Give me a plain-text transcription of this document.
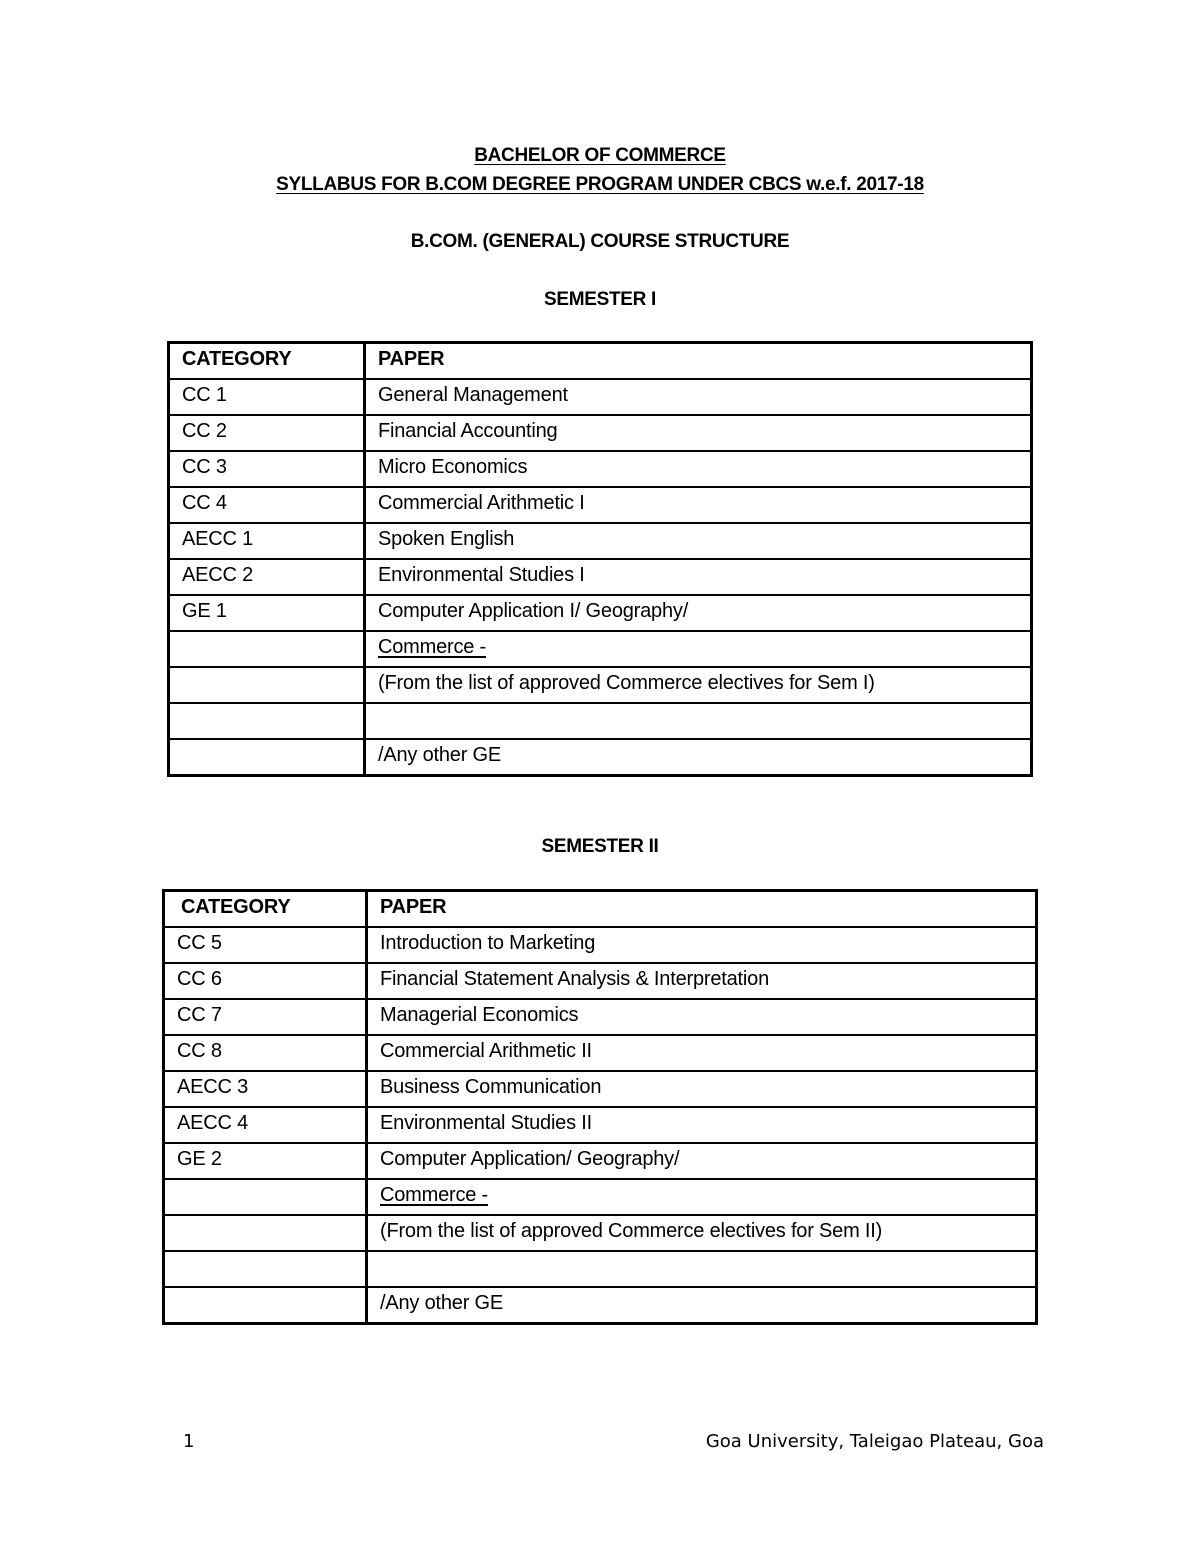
BACHELOR OF COMMERCE
SYLLABUS FOR B.COM DEGREE PROGRAM UNDER CBCS w.e.f. 2017-18
B.COM. (GENERAL) COURSE STRUCTURE
SEMESTER I
CATEGORY	PAPER
CC 1	General Management
CC 2	Financial Accounting
CC 3	Micro Economics
CC 4	Commercial Arithmetic I
AECC 1	Spoken English
AECC 2	Environmental Studies I
GE 1	Computer Application I/ Geography/
	Commerce -
	(From the list of approved Commerce electives for Sem I)

	/Any other GE
SEMESTER II
CATEGORY	PAPER
CC 5	Introduction to Marketing
CC 6	Financial Statement Analysis & Interpretation
CC 7	Managerial Economics
CC 8	Commercial Arithmetic II
AECC 3	Business Communication
AECC 4	Environmental Studies II
GE 2	Computer Application/ Geography/
	Commerce -
	(From the list of approved Commerce electives for Sem II)

	/Any other GE
1	Goa University, Taleigao Plateau, Goa
